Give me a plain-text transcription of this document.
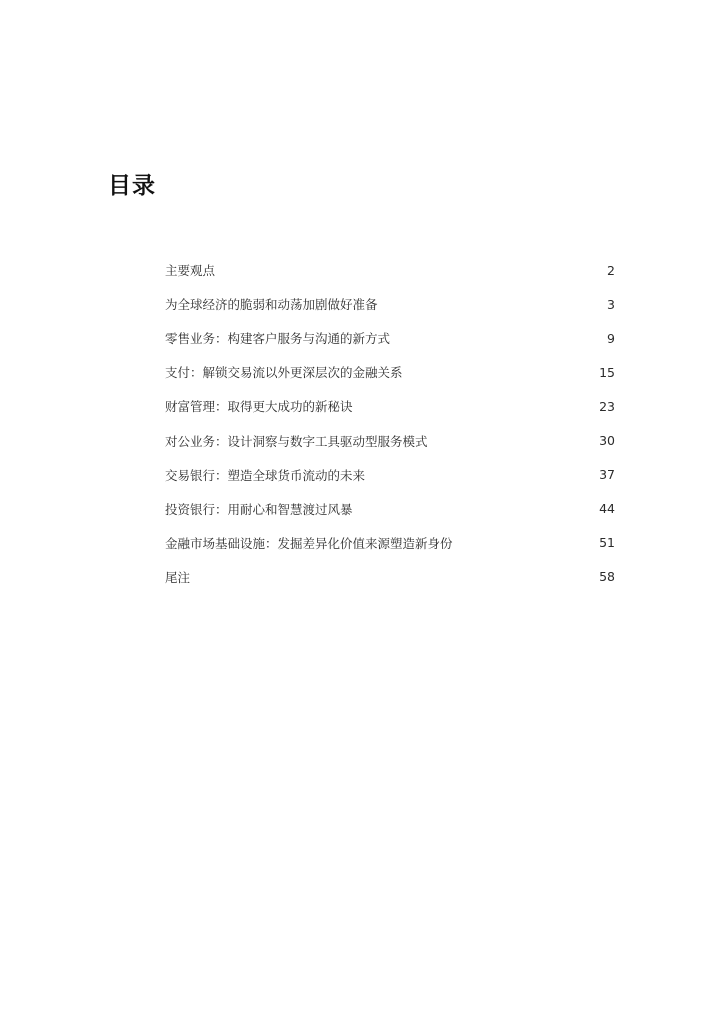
目录
主要观点	2
为全球经济的脆弱和动荡加剧做好准备	3
零售业务：构建客户服务与沟通的新方式	9
支付：解锁交易流以外更深层次的金融关系	15
财富管理：取得更大成功的新秘诀	23
对公业务：设计洞察与数字工具驱动型服务模式	30
交易银行：塑造全球货币流动的未来	37
投资银行：用耐心和智慧渡过风暴	44
金融市场基础设施：发掘差异化价值来源塑造新身份	51
尾注	58
